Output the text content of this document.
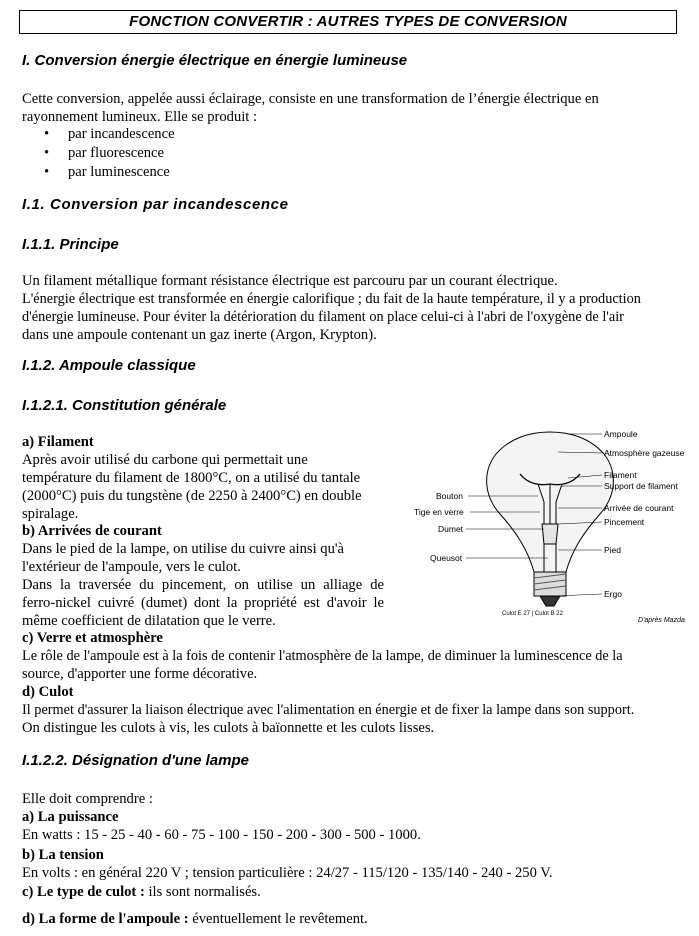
FONCTION CONVERTIR : AUTRES TYPES DE CONVERSION
I. Conversion énergie électrique en énergie lumineuse
Cette conversion, appelée aussi éclairage, consiste en une transformation de l’énergie électrique en
rayonnement lumineux. Elle se produit :
• par incandescence
• par fluorescence
• par luminescence
I.1. Conversion par incandescence
I.1.1. Principe
Un filament métallique formant résistance électrique est parcouru par un courant électrique.
L'énergie électrique est transformée en énergie calorifique ; du fait de la haute température, il y a production
d'énergie lumineuse. Pour éviter la détérioration du filament on place celui-ci à l'abri de l'oxygène de l'air
dans une ampoule contenant un gaz inerte (Argon, Krypton).
I.1.2. Ampoule classique
I.1.2.1. Constitution générale
a) Filament
Après avoir utilisé du carbone qui permettait une
température du filament de 1800°C, on a utilisé du tantale
(2000°C) puis du tungstène (de 2250 à 2400°C) en double
spiralage.
b) Arrivées de courant
Dans le pied de la lampe, on utilise du cuivre ainsi qu'à
l'extérieur de l'ampoule, vers le culot.
Dans la traversée du pincement, on utilise un alliage de
ferro-nickel cuivré (dumet) dont la propriété est d'avoir le
même coefficient de dilatation que le verre.
c) Verre et atmosphère
Le rôle de l'ampoule est à la fois de contenir l'atmosphère de la lampe, de diminuer la luminescence de la
source, d'apporter une forme décorative.
d) Culot
Il permet d'assurer la liaison électrique avec l'alimentation en énergie et de fixer la lampe dans son support.
On distingue les culots à vis, les culots à baïonnette et les culots lisses.
Ampoule
Atmosphère gazeuse
Filament
Support de filament
Arrivée de courant
Pincement
Pied
Ergo
Bouton
Tige en verre
Dumet
Queusot
Culot E 27 | Culot B 22
D'après Mazda
I.1.2.2. Désignation d'une lampe
Elle doit comprendre :
a) La puissance
En watts : 15 - 25 - 40 - 60 - 75 - 100 - 150 - 200 - 300 - 500 - 1000.
b) La tension
En volts : en général 220 V ; tension particulière : 24/27 - 115/120 - 135/140 - 240 - 250 V.
c) Le type de culot : ils sont normalisés.
d) La forme de l'ampoule : éventuellement le revêtement.
